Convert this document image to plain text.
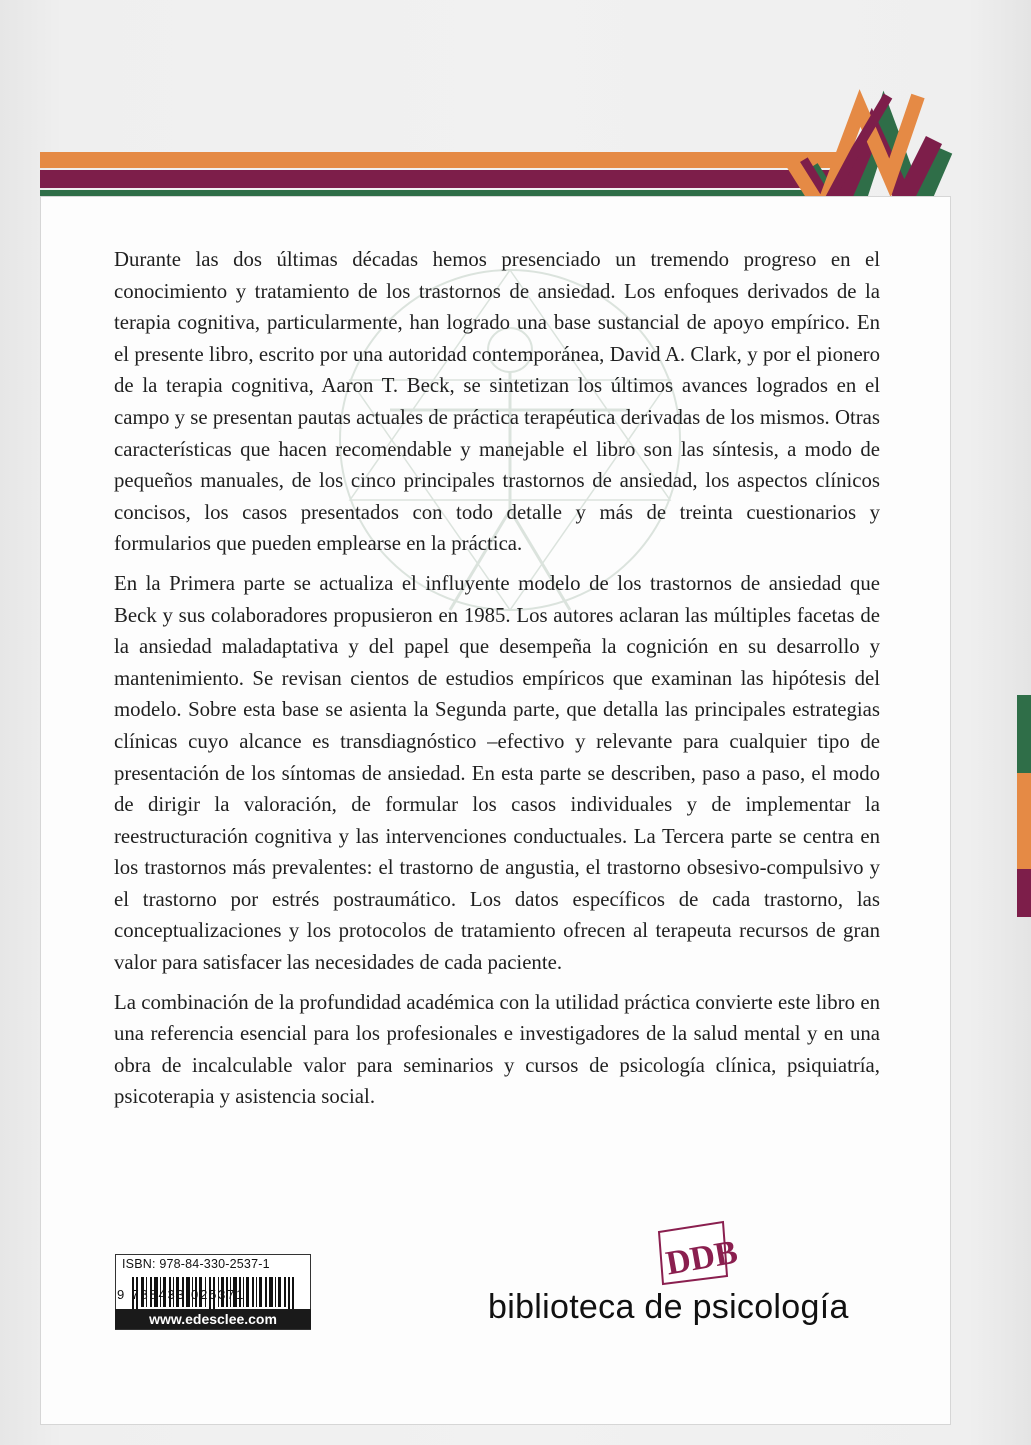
Durante las dos últimas décadas hemos presenciado un tremendo progreso en el conocimiento y tratamiento de los trastornos de ansiedad. Los enfoques derivados de la terapia cognitiva, particularmente, han logrado una base sustancial de apoyo empírico. En el presente libro, escrito por una autoridad contemporánea, David A. Clark, y por el pionero de la terapia cognitiva, Aaron T. Beck, se sintetizan los últimos avances logrados en el campo y se presentan pautas actuales de práctica terapéutica derivadas de los mismos. Otras características que hacen recomendable y manejable el libro son las síntesis, a modo de pequeños manuales, de los cinco principales trastornos de ansiedad, los aspectos clínicos concisos, los casos presentados con todo detalle y más de treinta cuestionarios y formularios que pueden emplearse en la práctica.

En la Primera parte se actualiza el influyente modelo de los trastornos de ansiedad que Beck y sus colaboradores propusieron en 1985. Los autores aclaran las múltiples facetas de la ansiedad maladaptativa y del papel que desempeña la cognición en su desarrollo y mantenimiento. Se revisan cientos de estudios empíricos que examinan las hipótesis del modelo. Sobre esta base se asienta la Segunda parte, que detalla las principales estrategias clínicas cuyo alcance es transdiagnóstico –efectivo y relevante para cualquier tipo de presentación de los síntomas de ansiedad. En esta parte se describen, paso a paso, el modo de dirigir la valoración, de formular los casos individuales y de implementar la reestructuración cognitiva y las intervenciones conductuales. La Tercera parte se centra en los trastornos más prevalentes: el trastorno de angustia, el trastorno obsesivo-compulsivo y el trastorno por estrés postraumático. Los datos específicos de cada trastorno, las conceptualizaciones y los protocolos de tratamiento ofrecen al terapeuta recursos de gran valor para satisfacer las necesidades de cada paciente.

La combinación de la profundidad académica con la utilidad práctica convierte este libro en una referencia esencial para los profesionales e investigadores de la salud mental y en una obra de incalculable valor para seminarios y cursos de psicología clínica, psiquiatría, psicoterapia y asistencia social.

ISBN: 978-84-330-2537-1
9 788433 025371
www.edesclee.com
DDB
biblioteca de psicología
